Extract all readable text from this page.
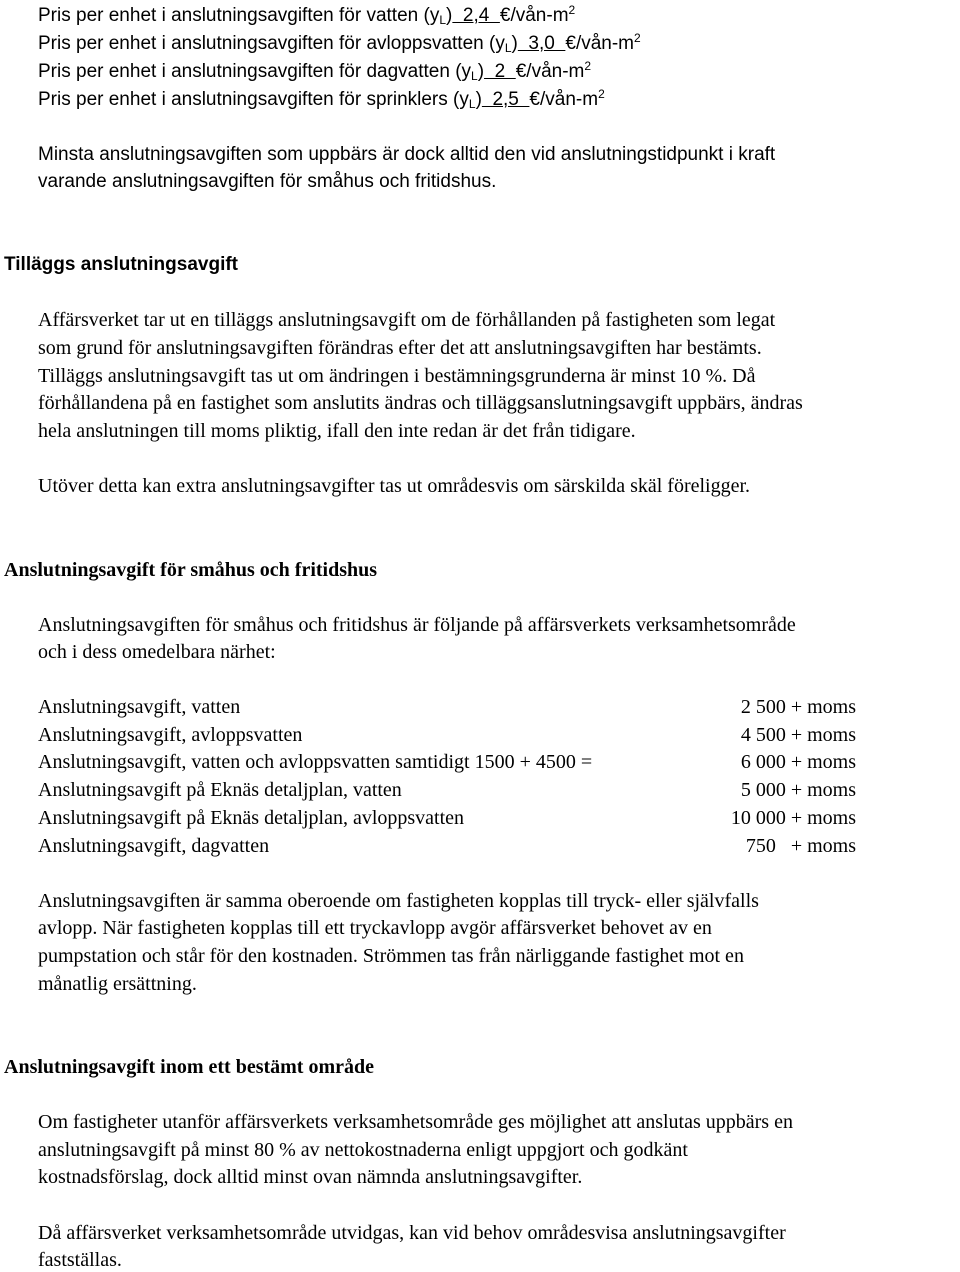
Pris per enhet i anslutningsavgiften för vatten $(y_L)$  2,4  $€/vån-m^2$
Pris per enhet i anslutningsavgiften för avloppsvatten $(y_L)$  3,0  $€/vån-m^2$
Pris per enhet i anslutningsavgiften för dagvatten $(y_L)$  2  $€/vån-m^2$
Pris per enhet i anslutningsavgiften för sprinklers $(y_L)$  2,5  $€/vån-m^2$
Minsta anslutningsavgiften som uppbärs är dock alltid den vid anslutningstidpunkt i kraft
varande anslutningsavgiften för småhus och fritidshus.
Tilläggs anslutningsavgift
Affärsverket tar ut en tilläggs anslutningsavgift om de förhållanden på fastigheten som legat
som grund för anslutningsavgiften förändras efter det att anslutningsavgiften har bestämts.
Tilläggs anslutningsavgift tas ut om ändringen i bestämningsgrunderna är minst 10 %. Då
förhållandena på en fastighet som anslutits ändras och tilläggsanslutningsavgift uppbärs, ändras
hela anslutningen till moms pliktig, ifall den inte redan är det från tidigare.
Utöver detta kan extra anslutningsavgifter tas ut områdesvis om särskilda skäl föreligger.
Anslutningsavgift för småhus och fritidshus
Anslutningsavgiften för småhus och fritidshus är följande på affärsverkets verksamhetsområde
och i dess omedelbara närhet:
Anslutningsavgift, vatten	2 500 + moms
Anslutningsavgift, avloppsvatten	4 500 + moms
Anslutningsavgift, vatten och avloppsvatten samtidigt 1500 + 4500 =	6 000 + moms
Anslutningsavgift på Eknäs detaljplan, vatten	5 000 + moms
Anslutningsavgift på Eknäs detaljplan, avloppsvatten	10 000 + moms
Anslutningsavgift, dagvatten	750   + moms
Anslutningsavgiften är samma oberoende om fastigheten kopplas till tryck- eller självfalls
avlopp. När fastigheten kopplas till ett tryckavlopp avgör affärsverket behovet av en
pumpstation och står för den kostnaden. Strömmen tas från närliggande fastighet mot en
månatlig ersättning.
Anslutningsavgift inom ett bestämt område
Om fastigheter utanför affärsverkets verksamhetsområde ges möjlighet att anslutas uppbärs en
anslutningsavgift på minst 80 % av nettokostnaderna enligt uppgjort och godkänt
kostnadsförslag, dock alltid minst ovan nämnda anslutningsavgifter.
Då affärsverket verksamhetsområde utvidgas, kan vid behov områdesvisa anslutningsavgifter
fastställas.
